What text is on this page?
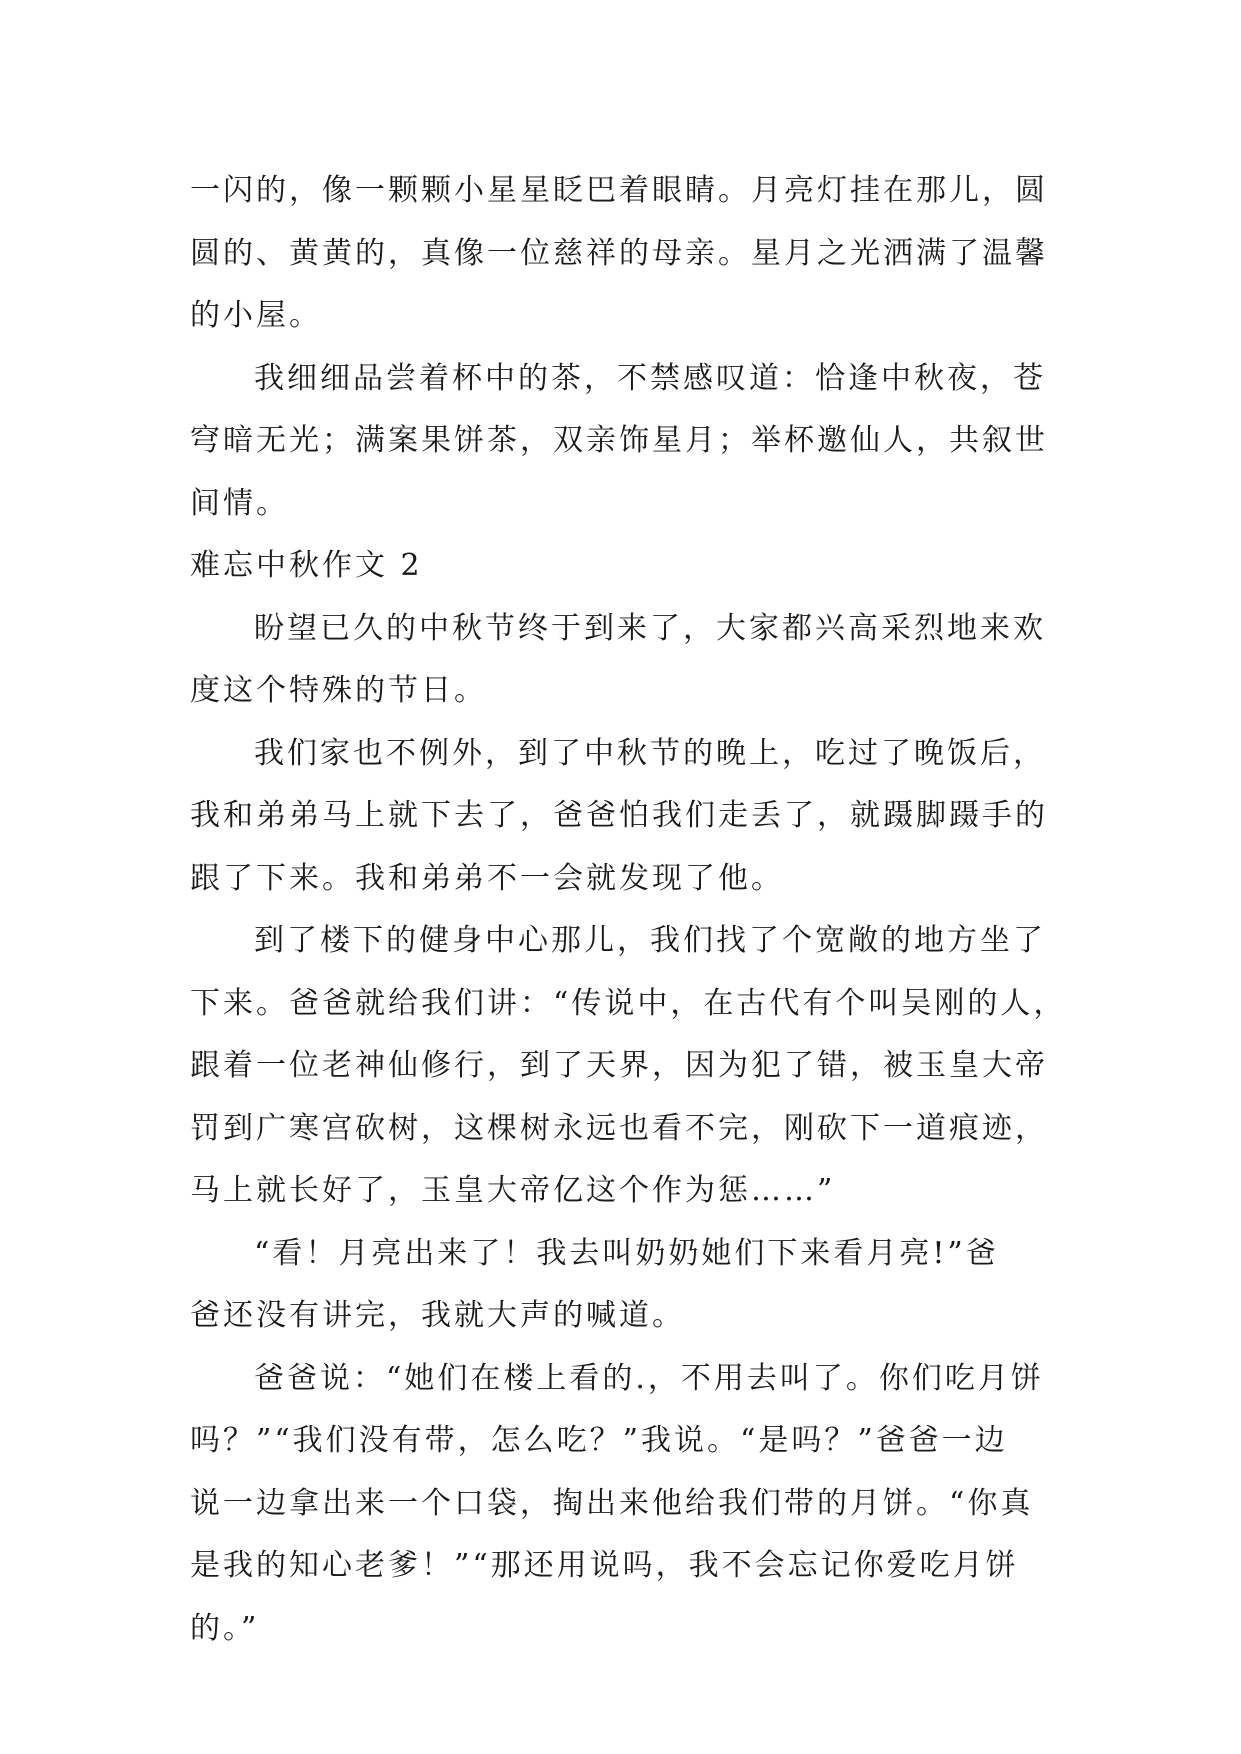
一闪的，像一颗颗小星星眨巴着眼睛。月亮灯挂在那儿，圆
圆的、黄黄的，真像一位慈祥的母亲。星月之光洒满了温馨
的小屋。

我细细品尝着杯中的茶，不禁感叹道：恰逢中秋夜，苍
穹暗无光；满案果饼茶，双亲饰星月；举杯邀仙人，共叙世
间情。

难忘中秋作文 2

盼望已久的中秋节终于到来了，大家都兴高采烈地来欢
度这个特殊的节日。

我们家也不例外，到了中秋节的晚上，吃过了晚饭后，
我和弟弟马上就下去了，爸爸怕我们走丢了，就蹑脚蹑手的
跟了下来。我和弟弟不一会就发现了他。

到了楼下的健身中心那儿，我们找了个宽敞的地方坐了
下来。爸爸就给我们讲：“传说中，在古代有个叫吴刚的人，
跟着一位老神仙修行，到了天界，因为犯了错，被玉皇大帝
罚到广寒宫砍树，这棵树永远也看不完，刚砍下一道痕迹，
马上就长好了，玉皇大帝亿这个作为惩……”

“看！月亮出来了！我去叫奶奶她们下来看月亮!”爸
爸还没有讲完，我就大声的喊道。

爸爸说：“她们在楼上看的.，不用去叫了。你们吃月饼
吗？”“我们没有带，怎么吃？”我说。“是吗？”爸爸一边
说一边拿出来一个口袋，掏出来他给我们带的月饼。“你真
是我的知心老爹！”“那还用说吗，我不会忘记你爱吃月饼
的。”
